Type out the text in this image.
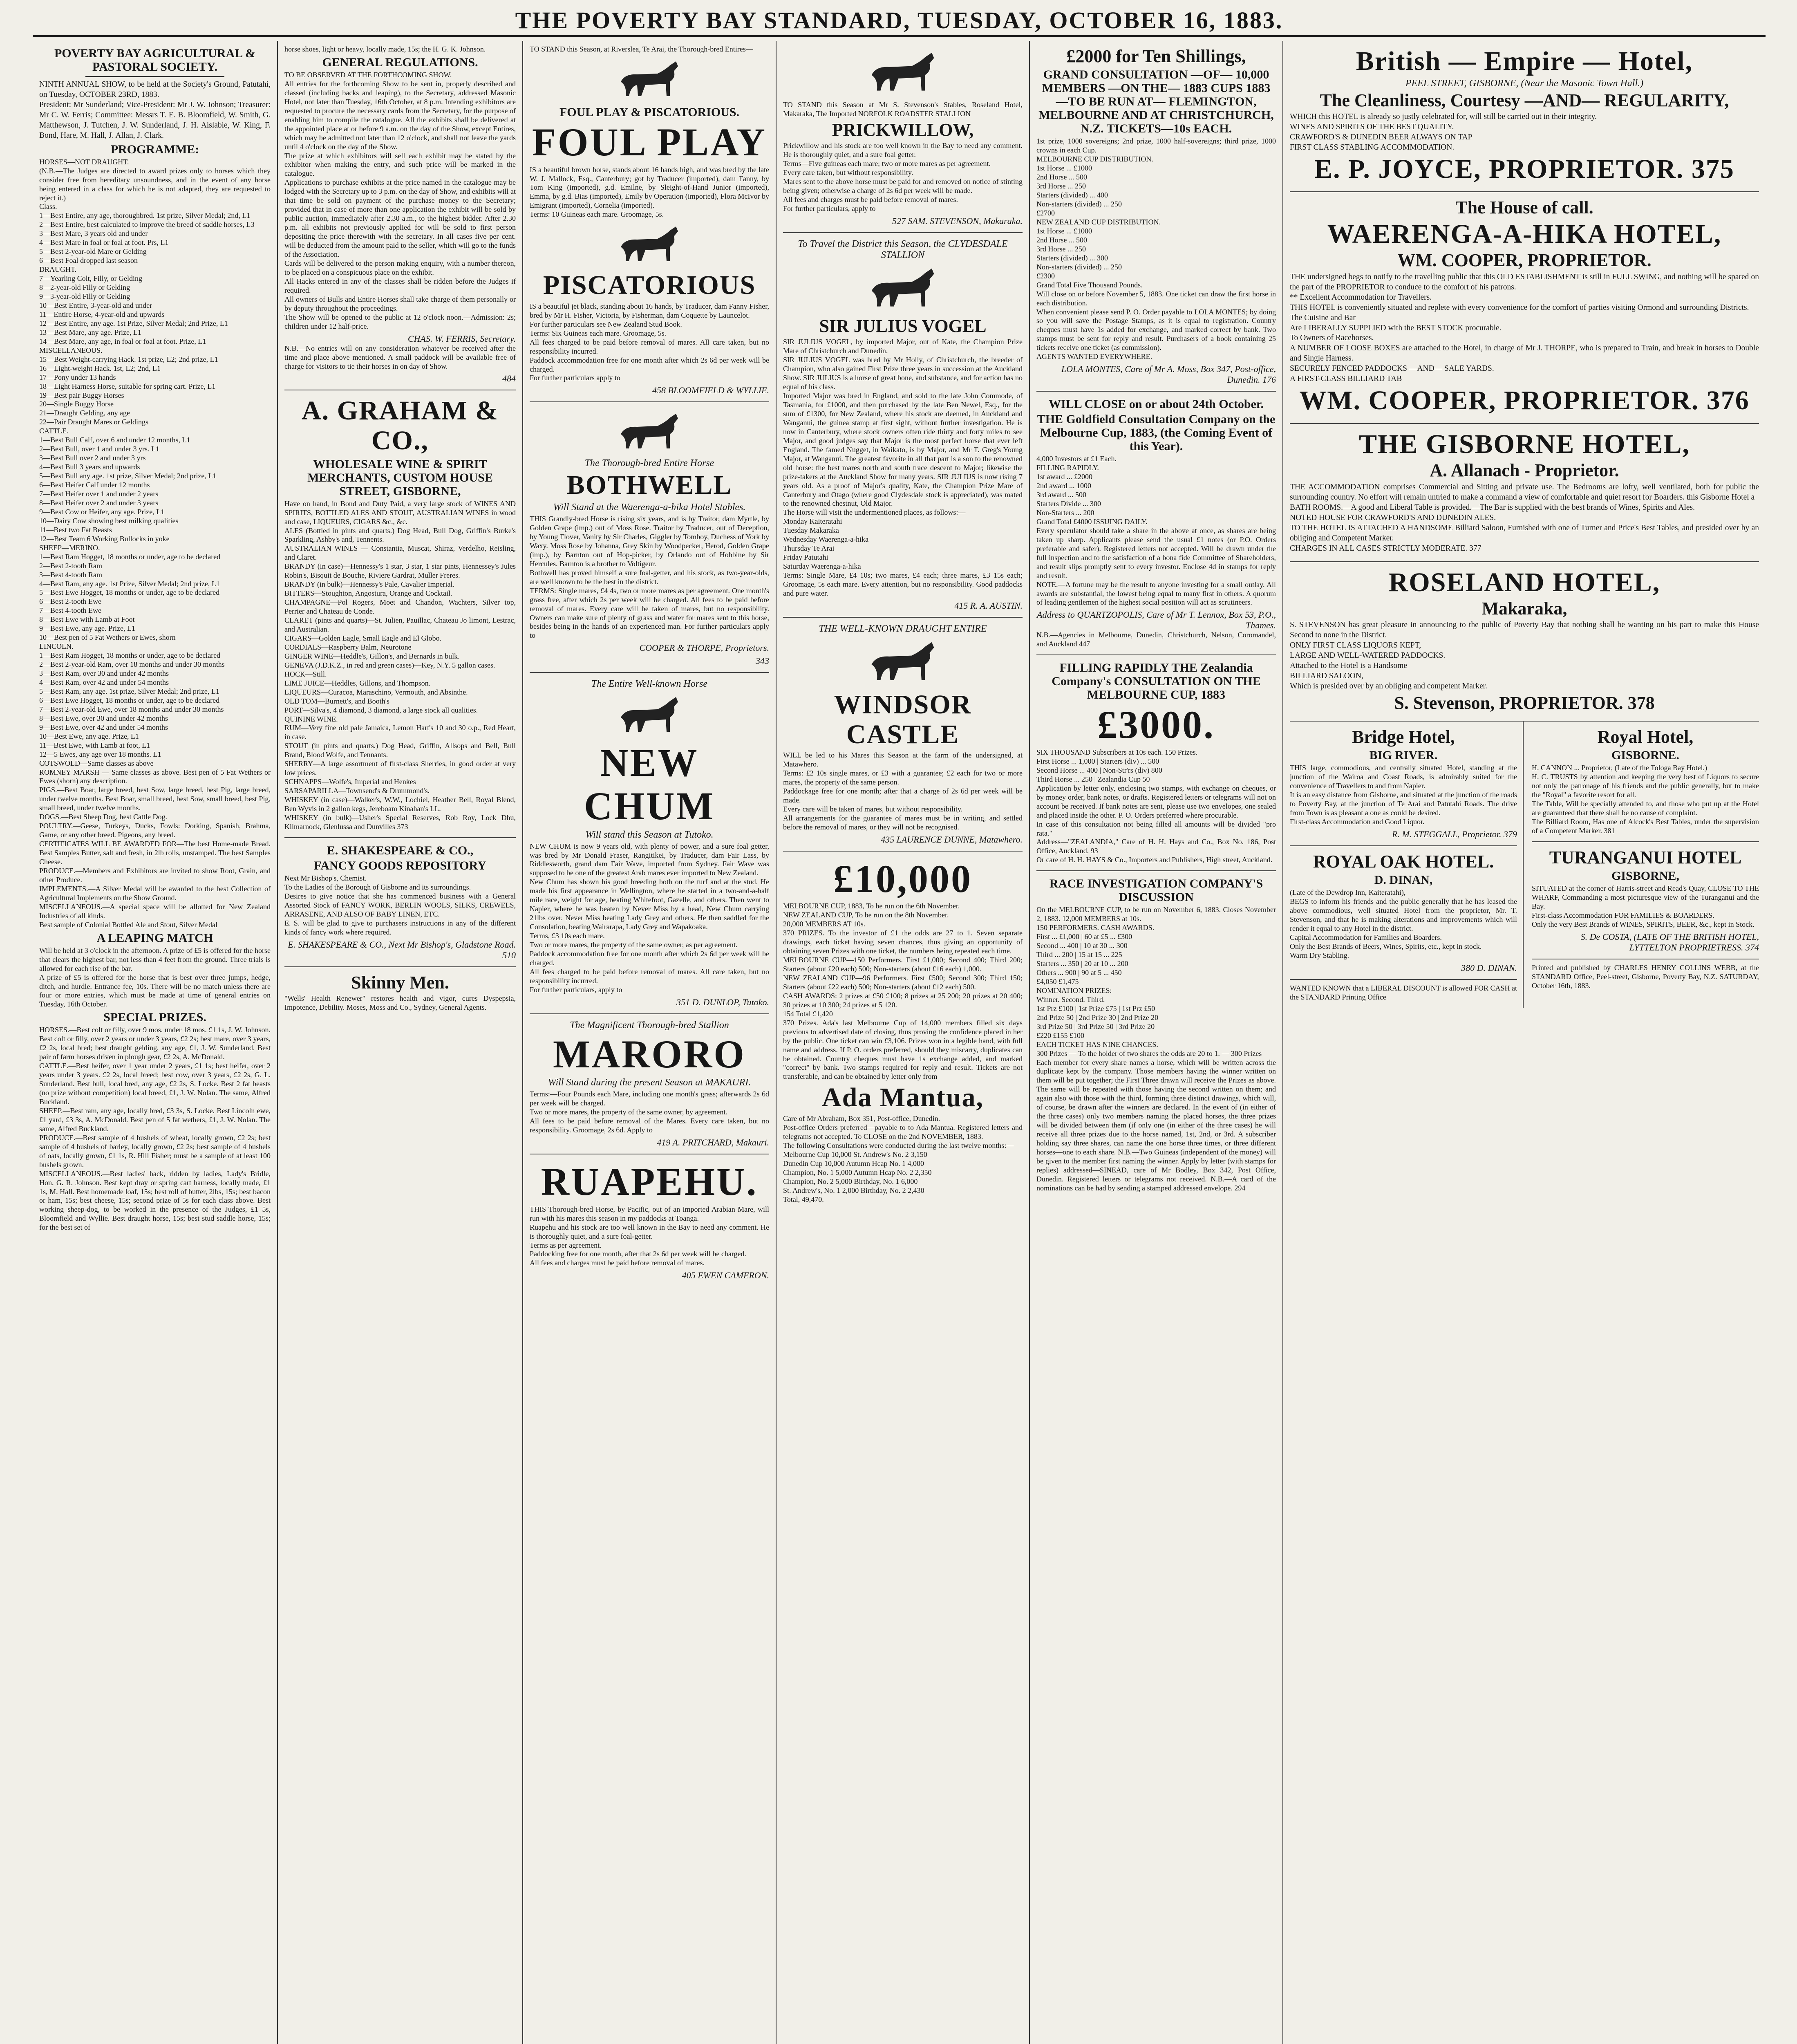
THE POVERTY BAY STANDARD, TUESDAY, OCTOBER 16, 1883.
POVERTY BAY AGRICULTURAL & PASTORAL SOCIETY.
NINTH ANNUAL SHOW, to be held at the Society's Ground, Patutahi, on Tuesday, OCTOBER 23RD, 1883.
President: Mr Sunderland; Vice-President: Mr J. W. Johnson; Treasurer: Mr C. W. Ferris; Committee: Messrs T. E. B. Bloomfield, W. Smith, G. Matthewson, J. Tutchen, J. W. Sunderland, J. H. Aislabie, W. King, F. Bond, Hare, M. Hall, J. Allan, J. Clark.
PROGRAMME:
HORSES—NOT DRAUGHT.
(N.B.—The Judges are directed to award prizes only to horses which they consider free from hereditary unsoundness, and in the event of any horse being entered in a class for which he is not adapted, they are requested to reject it.)
Class.
1—Best Entire, any age, thoroughbred. 1st prize, Silver Medal; 2nd, L1
2—Best Entire, best calculated to improve the breed of saddle horses, L3
3—Best Mare, 3 years old and under
4—Best Mare in foal or foal at foot. Prs, L1
5—Best 2-year-old Mare or Gelding
6—Best Foal dropped last season
DRAUGHT.
7—Yearling Colt, Filly, or Gelding
8—2-year-old Filly or Gelding
9—3-year-old Filly or Gelding
10—Best Entire, 3-year-old and under
11—Entire Horse, 4-year-old and upwards
12—Best Entire, any age. 1st Prize, Silver Medal; 2nd Prize, L1
13—Best Mare, any age. Prize, L1
14—Best Mare, any age, in foal or foal at foot. Prize, L1
MISCELLANEOUS.
15—Best Weight-carrying Hack. 1st prize, L2; 2nd prize, L1
16—Light-weight Hack. 1st, L2; 2nd, L1
17—Pony under 13 hands
18—Light Harness Horse, suitable for spring cart. Prize, L1
19—Best pair Buggy Horses
20—Single Buggy Horse
21—Draught Gelding, any age
22—Pair Draught Mares or Geldings
CATTLE.
1—Best Bull Calf, over 6 and under 12 months, L1
2—Best Bull, over 1 and under 3 yrs. L1
3—Best Bull over 2 and under 3 yrs
4—Best Bull 3 years and upwards
5—Best Bull any age. 1st prize, Silver Medal; 2nd prize, L1
6—Best Heifer Calf under 12 months
7—Best Heifer over 1 and under 2 years
8—Best Heifer over 2 and under 3 years
9—Best Cow or Heifer, any age. Prize, L1
10—Dairy Cow showing best milking qualities
11—Best two Fat Beasts
12—Best Team 6 Working Bullocks in yoke
SHEEP—MERINO.
1—Best Ram Hogget, 18 months or under, age to be declared
2—Best 2-tooth Ram
3—Best 4-tooth Ram
4—Best Ram, any age. 1st Prize, Silver Medal; 2nd prize, L1
5—Best Ewe Hogget, 18 months or under, age to be declared
6—Best 2-tooth Ewe
7—Best 4-tooth Ewe
8—Best Ewe with Lamb at Foot
9—Best Ewe, any age. Prize, L1
10—Best pen of 5 Fat Wethers or Ewes, shorn
LINCOLN.
1—Best Ram Hogget, 18 months or under, age to be declared
2—Best 2-year-old Ram, over 18 months and under 30 months
3—Best Ram, over 30 and under 42 months
4—Best Ram, over 42 and under 54 months
5—Best Ram, any age. 1st prize, Silver Medal; 2nd prize, L1
6—Best Ewe Hogget, 18 months or under, age to be declared
7—Best 2-year-old Ewe, over 18 months and under 30 months
8—Best Ewe, over 30 and under 42 months
9—Best Ewe, over 42 and under 54 months
10—Best Ewe, any age. Prize, L1
11—Best Ewe, with Lamb at foot, L1
12—5 Ewes, any age over 18 months. L1
COTSWOLD—Same classes as above
ROMNEY MARSH — Same classes as above. Best pen of 5 Fat Wethers or Ewes (shorn) any description.
PIGS.—Best Boar, large breed, best Sow, large breed, best Pig, large breed, under twelve months. Best Boar, small breed, best Sow, small breed, best Pig, small breed, under twelve months.
DOGS.—Best Sheep Dog, best Cattle Dog.
POULTRY.—Geese, Turkeys, Ducks, Fowls: Dorking, Spanish, Brahma, Game, or any other breed. Pigeons, any breed.
CERTIFICATES WILL BE AWARDED FOR—The best Home-made Bread. Best Samples Butter, salt and fresh, in 2lb rolls, unstamped. The best Samples Cheese.
PRODUCE.—Members and Exhibitors are invited to show Root, Grain, and other Produce.
IMPLEMENTS.—A Silver Medal will be awarded to the best Collection of Agricultural Implements on the Show Ground.
MISCELLANEOUS.—A special space will be allotted for New Zealand Industries of all kinds.
Best sample of Colonial Bottled Ale and Stout, Silver Medal
A LEAPING MATCH
Will be held at 3 o'clock in the afternoon. A prize of £5 is offered for the horse that clears the highest bar, not less than 4 feet from the ground. Three trials is allowed for each rise of the bar.
A prize of £5 is offered for the horse that is best over three jumps, hedge, ditch, and hurdle. Entrance fee, 10s. There will be no match unless there are four or more entries, which must be made at time of general entries on Tuesday, 16th October.
SPECIAL PRIZES.
HORSES.—Best colt or filly, over 9 mos. under 18 mos. £1 1s, J. W. Johnson. Best colt or filly, over 2 years or under 3 years, £2 2s; best mare, over 3 years, £2 2s, local bred; best draught gelding, any age, £1, J. W. Sunderland. Best pair of farm horses driven in plough gear, £2 2s, A. McDonald.
CATTLE.—Best heifer, over 1 year under 2 years, £1 1s; best heifer, over 2 years under 3 years. £2 2s, local breed; best cow, over 3 years, £2 2s, G. L. Sunderland. Best bull, local bred, any age, £2 2s, S. Locke. Best 2 fat beasts (no prize without competition) local breed, £1, J. W. Nolan. The same, Alfred Buckland.
SHEEP.—Best ram, any age, locally bred, £3 3s, S. Locke. Best Lincoln ewe, £1 yard, £3 3s, A. McDonald. Best pen of 5 fat wethers, £1, J. W. Nolan. The same, Alfred Buckland.
PRODUCE.—Best sample of 4 bushels of wheat, locally grown, £2 2s; best sample of 4 bushels of barley, locally grown, £2 2s; best sample of 4 bushels of oats, locally grown, £1 1s, R. Hill Fisher; must be a sample of at least 100 bushels grown.
MISCELLANEOUS.—Best ladies' hack, ridden by ladies, Lady's Bridle, Hon. G. R. Johnson. Best kept dray or spring cart harness, locally made, £1 1s, M. Hall. Best homemade loaf, 15s; best roll of butter, 2lbs, 15s; best bacon or ham, 15s; best cheese, 15s; second prize of 5s for each class above. Best working sheep-dog, to be worked in the presence of the Judges, £1 5s, Bloomfield and Wyllie. Best draught horse, 15s; best stud saddle horse, 15s; for the best set of
horse shoes, light or heavy, locally made, 15s; the H. G. K. Johnson.
GENERAL REGULATIONS.
TO BE OBSERVED AT THE FORTHCOMING SHOW.
All entries for the forthcoming Show to be sent in, properly described and classed (including backs and leaping), to the Secretary, addressed Masonic Hotel, not later than Tuesday, 16th October, at 8 p.m. Intending exhibitors are requested to procure the necessary cards from the Secretary, for the purpose of enabling him to compile the catalogue. All the exhibits shall be delivered at the appointed place at or before 9 a.m. on the day of the Show, except Entires, which may be admitted not later than 12 o'clock, and shall not leave the yards until 4 o'clock on the day of the Show.
The prize at which exhibitors will sell each exhibit may be stated by the exhibitor when making the entry, and such price will be marked in the catalogue.
Applications to purchase exhibits at the price named in the catalogue may be lodged with the Secretary up to 3 p.m. on the day of Show, and exhibits will at that time be sold on payment of the purchase money to the Secretary; provided that in case of more than one application the exhibit will be sold by public auction, immediately after 2.30 a.m., to the highest bidder. After 2.30 p.m. all exhibits not previously applied for will be sold to first person depositing the price therewith with the secretary. In all cases five per cent. will be deducted from the amount paid to the seller, which will go to the funds of the Association.
Cards will be delivered to the person making enquiry, with a number thereon, to be placed on a conspicuous place on the exhibit.
All Hacks entered in any of the classes shall be ridden before the Judges if required.
All owners of Bulls and Entire Horses shall take charge of them personally or by deputy throughout the proceedings.
The Show will be opened to the public at 12 o'clock noon.—Admission: 2s; children under 12 half-price.
CHAS. W. FERRIS, Secretary.
N.B.—No entries will on any consideration whatever be received after the time and place above mentioned. A small paddock will be available free of charge for visitors to tie their horses in on day of Show.
484
A. GRAHAM & CO.,
WHOLESALE WINE & SPIRIT MERCHANTS, CUSTOM HOUSE STREET, GISBORNE,
Have on hand, in Bond and Duty Paid, a very large stock of WINES AND SPIRITS, BOTTLED ALES AND STOUT, AUSTRALIAN WINES in wood and case, LIQUEURS, CIGARS &c., &c.
ALES (Bottled in pints and quarts.) Dog Head, Bull Dog, Griffin's Burke's Sparkling, Ashby's and, Tennents.
AUSTRALIAN WINES — Constantia, Muscat, Shiraz, Verdelho, Reisling, and Claret.
BRANDY (in case)—Hennessy's 1 star, 3 star, 1 star pints, Hennessey's Jules Robin's, Bisquit de Bouche, Riviere Gardrat, Muller Freres.
BRANDY (in bulk)—Hennessy's Pale, Cavalier Imperial.
BITTERS—Stoughton, Angostura, Orange and Cocktail.
CHAMPAGNE—Pol Rogers, Moet and Chandon, Wachters, Silver top, Perrier and Chateau de Conde.
CLARET (pints and quarts)—St. Julien, Pauillac, Chateau Jo limont, Lestrac, and Australian.
CIGARS—Golden Eagle, Small Eagle and El Globo.
CORDIALS—Raspberry Balm, Neurotone
GINGER WINE—Heddle's, Gillon's, and Bernards in bulk.
GENEVA (J.D.K.Z., in red and green cases)—Key, N.Y. 5 gallon cases.
HOCK—Still.
LIME JUICE—Heddles, Gillons, and Thompson.
LIQUEURS—Curacoa, Maraschino, Vermouth, and Absinthe.
OLD TOM—Burnett's, and Booth's
PORT—Silva's, 4 diamond, 3 diamond, a large stock all qualities.
QUININE WINE.
RUM—Very fine old pale Jamaica, Lemon Hart's 10 and 30 o.p., Red Heart, in case.
STOUT (in pints and quarts.) Dog Head, Griffin, Allsops and Bell, Bull Brand, Blood Wolfe, and Tennants.
SHERRY—A large assortment of first-class Sherries, in good order at very low prices.
SCHNAPPS—Wolfe's, Imperial and Henkes
SARSAPARILLA—Townsend's & Drummond's.
WHISKEY (in case)—Walker's, W.W., Lochiel, Heather Bell, Royal Blend, Ben Wyvis in 2 gallon kegs, Jereboam Kinahan's LL.
WHISKEY (in bulk)—Usher's Special Reserves, Rob Roy, Lock Dhu, Kilmarnock, Glenlussa and Dunvilles 373
E. SHAKESPEARE & CO.,
FANCY GOODS REPOSITORY
Next Mr Bishop's, Chemist.
To the Ladies of the Borough of Gisborne and its surroundings.
Desires to give notice that she has commenced business with a General Assorted Stock of FANCY WORK, BERLIN WOOLS, SILKS, CREWELS, ARRASENE, AND ALSO OF BABY LINEN, ETC.
E. S. will be glad to give to purchasers instructions in any of the different kinds of fancy work where required.
E. SHAKESPEARE & CO., Next Mr Bishop's, Gladstone Road. 510
Skinny Men.
"Wells' Health Renewer" restores health and vigor, cures Dyspepsia, Impotence, Debility. Moses, Moss and Co., Sydney, General Agents.
TO STAND this Season, at Riverslea, Te Arai, the Thorough-bred Entires—
FOUL PLAY & PISCATORIOUS.
FOUL PLAY
IS a beautiful brown horse, stands about 16 hands high, and was bred by the late W. J. Mallock, Esq., Canterbury; got by Traducer (imported), dam Fanny, by Tom King (imported), g.d. Emilne, by Sleight-of-Hand Junior (imported), Emma, by g.d. Bias (imported), Emily by Operation (imported), Flora McIvor by Emigrant (imported), Cornelia (imported).
Terms: 10 Guineas each mare. Groomage, 5s.
PISCATORIOUS
IS a beautiful jet black, standing about 16 hands, by Traducer, dam Fanny Fisher, bred by Mr H. Fisher, Victoria, by Fisherman, dam Coquette by Launcelot.
For further particulars see New Zealand Stud Book.
Terms: Six Guineas each mare. Groomage, 5s.
All fees charged to be paid before removal of mares. All care taken, but no responsibility incurred.
Paddock accommodation free for one month after which 2s 6d per week will be charged.
For further particulars apply to
458 BLOOMFIELD & WYLLIE.
The Thorough-bred Entire Horse
BOTHWELL
Will Stand at the Waerenga-a-hika Hotel Stables.
THIS Grandly-bred Horse is rising six years, and is by Traitor, dam Myrtle, by Golden Grape (imp.) out of Moss Rose. Traitor by Traducer, out of Deception, by Young Flover, Vanity by Sir Charles, Giggler by Tomboy, Duchess of York by Waxy. Moss Rose by Johanna, Grey Skin by Woodpecker, Herod, Golden Grape (imp.), by Barnton out of Hop-picker, by Orlando out of Hobbine by Sir Hercules. Barnton is a brother to Voltigeur.
Bothwell has proved himself a sure foal-getter, and his stock, as two-year-olds, are well known to be the best in the district.
TERMS: Single mares, £4 4s, two or more mares as per agreement. One month's grass free, after which 2s per week will be charged. All fees to be paid before removal of mares. Every care will be taken of mares, but no responsibility. Owners can make sure of plenty of grass and water for mares sent to this horse, besides being in the hands of an experienced man. For further particulars apply to
COOPER & THORPE, Proprietors.
343
The Entire Well-known Horse
NEW CHUM
Will stand this Season at Tutoko.
NEW CHUM is now 9 years old, with plenty of power, and a sure foal getter, was bred by Mr Donald Fraser, Rangitikei, by Traducer, dam Fair Lass, by Riddlesworth, grand dam Fair Wave, imported from Sydney. Fair Wave was supposed to be one of the greatest Arab mares ever imported to New Zealand.
New Chum has shown his good breeding both on the turf and at the stud. He made his first appearance in Wellington, where he started in a two-and-a-half mile race, weight for age, beating Whitefoot, Gazelle, and others. Then went to Napier, where he was beaten by Never Miss by a head, New Chum carrying 21lbs over. Never Miss beating Lady Grey and others. He then saddled for the Consolation, beating Wairarapa, Lady Grey and Wapakoaka.
Terms, £3 10s each mare.
Two or more mares, the property of the same owner, as per agreement.
Paddock accommodation free for one month after which 2s 6d per week will be charged.
All fees charged to be paid before removal of mares. All care taken, but no responsibility incurred.
For further particulars, apply to
351 D. DUNLOP, Tutoko.
The Magnificent Thorough-bred Stallion
MARORO
Will Stand during the present Season at MAKAURI.
Terms:—Four Pounds each Mare, including one month's grass; afterwards 2s 6d per week will be charged.
Two or more mares, the property of the same owner, by agreement.
All fees to be paid before removal of the Mares. Every care taken, but no responsibility. Groomage, 2s 6d. Apply to
419 A. PRITCHARD, Makauri.
RUAPEHU.
THIS Thorough-bred Horse, by Pacific, out of an imported Arabian Mare, will run with his mares this season in my paddocks at Toanga.
Ruapehu and his stock are too well known in the Bay to need any comment. He is thoroughly quiet, and a sure foal-getter.
Terms as per agreement.
Paddocking free for one month, after that 2s 6d per week will be charged.
All fees and charges must be paid before removal of mares.
405 EWEN CAMERON.
TO STAND this Season at Mr S. Stevenson's Stables, Roseland Hotel, Makaraka, The Imported NORFOLK ROADSTER STALLION
PRICKWILLOW,
Prickwillow and his stock are too well known in the Bay to need any comment. He is thoroughly quiet, and a sure foal getter.
Terms—Five guineas each mare; two or more mares as per agreement.
Every care taken, but without responsibility.
Mares sent to the above horse must be paid for and removed on notice of stinting being given; otherwise a charge of 2s 6d per week will be made.
All fees and charges must be paid before removal of mares.
For further particulars, apply to
527 SAM. STEVENSON, Makaraka.
To Travel the District this Season, the CLYDESDALE STALLION
SIR JULIUS VOGEL
SIR JULIUS VOGEL, by imported Major, out of Kate, the Champion Prize Mare of Christchurch and Dunedin.
SIR JULIUS VOGEL was bred by Mr Holly, of Christchurch, the breeder of Champion, who also gained First Prize three years in succession at the Auckland Show. SIR JULIUS is a horse of great bone, and substance, and for action has no equal of his class.
Imported Major was bred in England, and sold to the late John Commode, of Tasmania, for £1000, and then purchased by the late Ben Newel, Esq., for the sum of £1300, for New Zealand, where his stock are deemed, in Auckland and Wanganui, the guinea stamp at first sight, without further investigation. He is now in Canterbury, where stock owners often ride thirty and forty miles to see Major, and good judges say that Major is the most perfect horse that ever left England. The famed Nugget, in Waikato, is by Major, and Mr T. Greg's Young Major, at Wanganui. The greatest favorite in all that part is a son to the renowned old horse: the best mares north and south trace descent to Major; likewise the prize-takers at the Auckland Show for many years. SIR JULIUS is now rising 7 years old. As a proof of Major's quality, Kate, the Champion Prize Mare of Canterbury and Otago (where good Clydesdale stock is appreciated), was mated to the renowned chestnut, Old Major.
The Horse will visit the undermentioned places, as follows:—
Monday Kaiteratahi
Tuesday Makaraka
Wednesday Waerenga-a-hika
Thursday Te Arai
Friday Patutahi
Saturday Waerenga-a-hika
Terms: Single Mare, £4 10s; two mares, £4 each; three mares, £3 15s each; Groomage, 5s each mare. Every attention, but no responsibility. Good paddocks and pure water.
415 R. A. AUSTIN.
THE WELL-KNOWN DRAUGHT ENTIRE
WINDSOR CASTLE
WILL be led to his Mares this Season at the farm of the undersigned, at Matawhero.
Terms: £2 10s single mares, or £3 with a guarantee; £2 each for two or more mares, the property of the same person.
Paddockage free for one month; after that a charge of 2s 6d per week will be made.
Every care will be taken of mares, but without responsibility.
All arrangements for the guarantee of mares must be in writing, and settled before the removal of mares, or they will not be recognised.
435 LAURENCE DUNNE, Matawhero.
£10,000
MELBOURNE CUP, 1883, To be run on the 6th November.
NEW ZEALAND CUP, To be run on the 8th November.
20,000 MEMBERS AT 10s.
370 PRIZES. To the investor of £1 the odds are 27 to 1. Seven separate drawings, each ticket having seven chances, thus giving an opportunity of obtaining seven Prizes with one ticket, the numbers being repeated each time.
MELBOURNE CUP—150 Performers. First £1,000; Second 400; Third 200; Starters (about £20 each) 500; Non-starters (about £16 each) 1,000.
NEW ZEALAND CUP—96 Performers. First £500; Second 300; Third 150; Starters (about £22 each) 500; Non-starters (about £12 each) 500.
CASH AWARDS: 2 prizes at £50 £100; 8 prizes at 25 200; 20 prizes at 20 400; 30 prizes at 10 300; 24 prizes at 5 120.
154 Total £1,420
370 Prizes. Ada's last Melbourne Cup of 14,000 members filled six days previous to advertised date of closing, thus proving the confidence placed in her by the public. One ticket can win £3,106. Prizes won in a legible hand, with full name and address. If P. O. orders preferred, should they miscarry, duplicates can be obtained. Country cheques must have 1s exchange added, and marked "correct" by bank. Two stamps required for reply and result. Tickets are not transferable, and can be obtained by letter only from
Ada Mantua,
Care of Mr Abraham, Box 351, Post-office, Dunedin.
Post-office Orders preferred—payable to to Ada Mantua. Registered letters and telegrams not accepted. To CLOSE on the 2nd NOVEMBER, 1883.
The following Consultations were conducted during the last twelve months:—
Melbourne Cup 10,000 St. Andrew's No. 2 3,150
Dunedin Cup 10,000 Autumn Hcap No. 1 4,000
Champion, No. 1 5,000 Autumn Hcap No. 2 2,350
Champion, No. 2 5,000 Birthday, No. 1 6,000
St. Andrew's, No. 1 2,000 Birthday, No. 2 2,430
Total, 49,470.
£2000 for Ten Shillings,
GRAND CONSULTATION —OF— 10,000 MEMBERS —ON THE— 1883 CUPS 1883 —TO BE RUN AT— FLEMINGTON, MELBOURNE AND AT CHRISTCHURCH, N.Z. TICKETS—10s EACH.
1st prize, 1000 sovereigns; 2nd prize, 1000 half-sovereigns; third prize, 1000 crowns in each Cup.
MELBOURNE CUP DISTRIBUTION.
1st Horse ... £1000
2nd Horse ... 500
3rd Horse ... 250
Starters (divided) ... 400
Non-starters (divided) ... 250
£2700
NEW ZEALAND CUP DISTRIBUTION.
1st Horse ... £1000
2nd Horse ... 500
3rd Horse ... 250
Starters (divided) ... 300
Non-starters (divided) ... 250
£2300
Grand Total Five Thousand Pounds.
Will close on or before November 5, 1883. One ticket can draw the first horse in each distribution.
When convenient please send P. O. Order payable to LOLA MONTES; by doing so you will save the Postage Stamps, as it is equal to registration. Country cheques must have 1s added for exchange, and marked correct by bank. Two stamps must be sent for reply and result. Purchasers of a book containing 25 tickets receive one ticket (as commission).
AGENTS WANTED EVERYWHERE.
LOLA MONTES, Care of Mr A. Moss, Box 347, Post-office, Dunedin. 176
WILL CLOSE on or about 24th October.
THE Goldfield Consultation Company on the Melbourne Cup, 1883, (the Coming Event of this Year).
4,000 Investors at £1 Each.
FILLING RAPIDLY.
1st award ... £2000
2nd award ... 1000
3rd award ... 500
Starters Divide ... 300
Non-Starters ... 200
Grand Total £4000 ISSUING DAILY.
Every speculator should take a share in the above at once, as shares are being taken up sharp. Applicants please send the usual £1 notes (or P.O. Orders preferable and safer). Registered letters not accepted. Will be drawn under the full inspection and to the satisfaction of a bona fide Committee of Shareholders, and result slips promptly sent to every investor. Enclose 4d in stamps for reply and result.
NOTE.—A fortune may be the result to anyone investing for a small outlay. All awards are substantial, the lowest being equal to many first in others. A quorum of leading gentlemen of the highest social position will act as scrutineers.
Address to QUARTZOPOLIS, Care of Mr T. Lennox, Box 53, P.O., Thames.
N.B.—Agencies in Melbourne, Dunedin, Christchurch, Nelson, Coromandel, and Auckland 447
FILLING RAPIDLY THE Zealandia Company's CONSULTATION ON THE MELBOURNE CUP, 1883
£3000.
SIX THOUSAND Subscribers at 10s each. 150 Prizes.
First Horse ... 1,000 | Starters (div) ... 500
Second Horse ... 400 | Non-Str'rs (div) 800
Third Horse ... 250 | Zealandia Cup 50
Application by letter only, enclosing two stamps, with exchange on cheques, or by money order, bank notes, or drafts. Registered letters or telegrams will not on account be received. If bank notes are sent, please use two envelopes, one sealed and placed inside the other. P. O. Orders preferred where procurable.
In case of this consultation not being filled all amounts will be divided "pro rata."
Address—"ZEALANDIA," Care of H. H. Hays and Co., Box No. 186, Post Office, Auckland. 93
Or care of H. H. HAYS & Co., Importers and Publishers, High street, Auckland.
RACE INVESTIGATION COMPANY'S DISCUSSION
On the MELBOURNE CUP, to be run on November 6, 1883. Closes November 2, 1883. 12,000 MEMBERS at 10s.
150 PERFORMERS. CASH AWARDS.
First ... £1,000 | 60 at £5 ... £300
Second ... 400 | 10 at 30 ... 300
Third ... 200 | 15 at 15 ... 225
Starters ... 350 | 20 at 10 ... 200
Others ... 900 | 90 at 5 ... 450
£4,050 £1,475
NOMINATION PRIZES:
Winner. Second. Third.
1st Prz £100 | 1st Prize £75 | 1st Prz £50
2nd Prize 50 | 2nd Prize 30 | 2nd Prize 20
3rd Prize 50 | 3rd Prize 50 | 3rd Prize 20
£220 £155 £100
EACH TICKET HAS NINE CHANCES.
300 Prizes — To the holder of two shares the odds are 20 to 1. — 300 Prizes
Each member for every share names a horse, which will be written across the duplicate kept by the company. Those members having the winner written on them will be put together; the First Three drawn will receive the Prizes as above. The same will be repeated with those having the second written on them; and again also with those with the third, forming three distinct drawings, which will, of course, be drawn after the winners are declared. In the event of (in either of the three cases) only two members naming the placed horses, the three prizes will be divided between them (if only one (in either of the three cases) he will receive all three prizes due to the horse named, 1st, 2nd, or 3rd. A subscriber holding say three shares, can name the one horse three times, or three different horses—one to each share. N.B.—Two Guineas (independent of the money) will be given to the member first naming the winner. Apply by letter (with stamps for replies) addressed—SINEAD, care of Mr Bodley, Box 342, Post Office, Dunedin. Registered letters or telegrams not received. N.B.—A card of the nominations can be had by sending a stamped addressed envelope. 294
British — Empire — Hotel,
PEEL STREET, GISBORNE, (Near the Masonic Town Hall.)
The Cleanliness, Courtesy —AND— REGULARITY,
WHICH this HOTEL is already so justly celebrated for, will still be carried out in their integrity.
WINES AND SPIRITS OF THE BEST QUALITY.
CRAWFORD'S & DUNEDIN BEER ALWAYS ON TAP
FIRST CLASS STABLING ACCOMMODATION.
E. P. JOYCE, PROPRIETOR. 375
The House of call.
WAERENGA-A-HIKA HOTEL,
WM. COOPER, PROPRIETOR.
THE undersigned begs to notify to the travelling public that this OLD ESTABLISHMENT is still in FULL SWING, and nothing will be spared on the part of the PROPRIETOR to conduce to the comfort of his patrons.
** Excellent Accommodation for Travellers.
THIS HOTEL is conveniently situated and replete with every convenience for the comfort of parties visiting Ormond and surrounding Districts.
The Cuisine and Bar
Are LIBERALLY SUPPLIED with the BEST STOCK procurable.
To Owners of Racehorses.
A NUMBER OF LOOSE BOXES are attached to the Hotel, in charge of Mr J. THORPE, who is prepared to Train, and break in horses to Double and Single Harness.
SECURELY FENCED PADDOCKS —AND— SALE YARDS.
A FIRST-CLASS BILLIARD TAB
WM. COOPER, PROPRIETOR. 376
THE GISBORNE HOTEL,
A. Allanach - Proprietor.
THE ACCOMMODATION comprises Commercial and Sitting and private use. The Bedrooms are lofty, well ventilated, both for public the surrounding country. No effort will remain untried to make a command a view of comfortable and quiet resort for Boarders. this Gisborne Hotel a
BATH ROOMS.—A good and Liberal Table is provided.—The Bar is supplied with the best brands of Wines, Spirits and Ales.
NOTED HOUSE FOR CRAWFORD'S AND DUNEDIN ALES.
TO THE HOTEL IS ATTACHED A HANDSOME Billiard Saloon, Furnished with one of Turner and Price's Best Tables, and presided over by an obliging and Competent Marker.
CHARGES IN ALL CASES STRICTLY MODERATE. 377
ROSELAND HOTEL,
Makaraka,
S. STEVENSON has great pleasure in announcing to the public of Poverty Bay that nothing shall be wanting on his part to make this House Second to none in the District.
ONLY FIRST CLASS LIQUORS KEPT,
LARGE AND WELL-WATERED PADDOCKS.
Attached to the Hotel is a Handsome
BILLIARD SALOON,
Which is presided over by an obliging and competent Marker.
S. Stevenson, PROPRIETOR. 378
Bridge Hotel,
BIG RIVER.
THIS large, commodious, and centrally situated Hotel, standing at the junction of the Wairoa and Coast Roads, is admirably suited for the convenience of Travellers to and from Napier.
It is an easy distance from Gisborne, and situated at the junction of the roads to Poverty Bay, at the junction of Te Arai and Patutahi Roads. The drive from Town is as pleasant a one as could be desired.
First-class Accommodation and Good Liquor.
R. M. STEGGALL, Proprietor. 379
ROYAL OAK HOTEL.
D. DINAN,
(Late of the Dewdrop Inn, Kaiteratahi),
BEGS to inform his friends and the public generally that he has leased the above commodious, well situated Hotel from the proprietor, Mr. T. Stevenson, and that he is making alterations and improvements which will render it equal to any Hotel in the district.
Capital Accommodation for Families and Boarders.
Only the Best Brands of Beers, Wines, Spirits, etc., kept in stock.
Warm Dry Stabling.
380 D. DINAN.
WANTED KNOWN that a LIBERAL DISCOUNT is allowed FOR CASH at the STANDARD Printing Office
Royal Hotel,
GISBORNE.
H. CANNON ... Proprietor, (Late of the Tologa Bay Hotel.)
H. C. TRUSTS by attention and keeping the very best of Liquors to secure not only the patronage of his friends and the public generally, but to make the "Royal" a favorite resort for all.
The Table, Will be specially attended to, and those who put up at the Hotel are guaranteed that there shall be no cause of complaint.
The Billiard Room, Has one of Alcock's Best Tables, under the supervision of a Competent Marker. 381
TURANGANUI HOTEL
GISBORNE,
SITUATED at the corner of Harris-street and Read's Quay, CLOSE TO THE WHARF, Commanding a most picturesque view of the Turanganui and the Bay.
First-class Accommodation FOR FAMILIES & BOARDERS.
Only the very Best Brands of WINES, SPIRITS, BEER, &c., kept in Stock.
S. De COSTA, (LATE OF THE BRITISH HOTEL, LYTTELTON PROPRIETRESS. 374
Printed and published by CHARLES HENRY COLLINS WEBB, at the STANDARD Office, Peel-street, Gisborne, Poverty Bay, N.Z. SATURDAY, October 16th, 1883.
